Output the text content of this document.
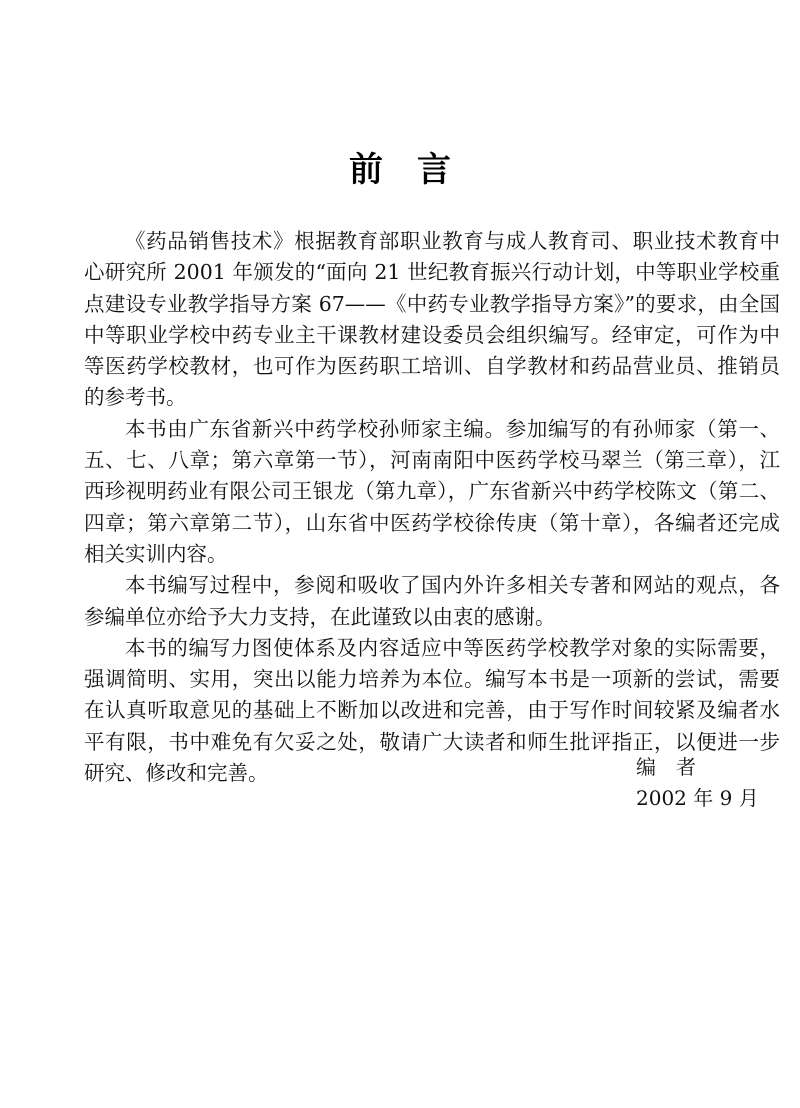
前言

《药品销售技术》根据教育部职业教育与成人教育司、职业技术教育中心研究所 2001 年颁发的“面向 21 世纪教育振兴行动计划，中等职业学校重点建设专业教学指导方案 67——《中药专业教学指导方案》”的要求，由全国中等职业学校中药专业主干课教材建设委员会组织编写。经审定，可作为中等医药学校教材，也可作为医药职工培训、自学教材和药品营业员、推销员的参考书。

本书由广东省新兴中药学校孙师家主编。参加编写的有孙师家（第一、五、七、八章；第六章第一节），河南南阳中医药学校马翠兰（第三章），江西珍视明药业有限公司王银龙（第九章），广东省新兴中药学校陈文（第二、四章；第六章第二节），山东省中医药学校徐传庚（第十章），各编者还完成相关实训内容。

本书编写过程中，参阅和吸收了国内外许多相关专著和网站的观点，各参编单位亦给予大力支持，在此谨致以由衷的感谢。

本书的编写力图使体系及内容适应中等医药学校教学对象的实际需要，强调简明、实用，突出以能力培养为本位。编写本书是一项新的尝试，需要在认真听取意见的基础上不断加以改进和完善，由于写作时间较紧及编者水平有限，书中难免有欠妥之处，敬请广大读者和师生批评指正，以便进一步研究、修改和完善。	编者
2002 年 9 月
